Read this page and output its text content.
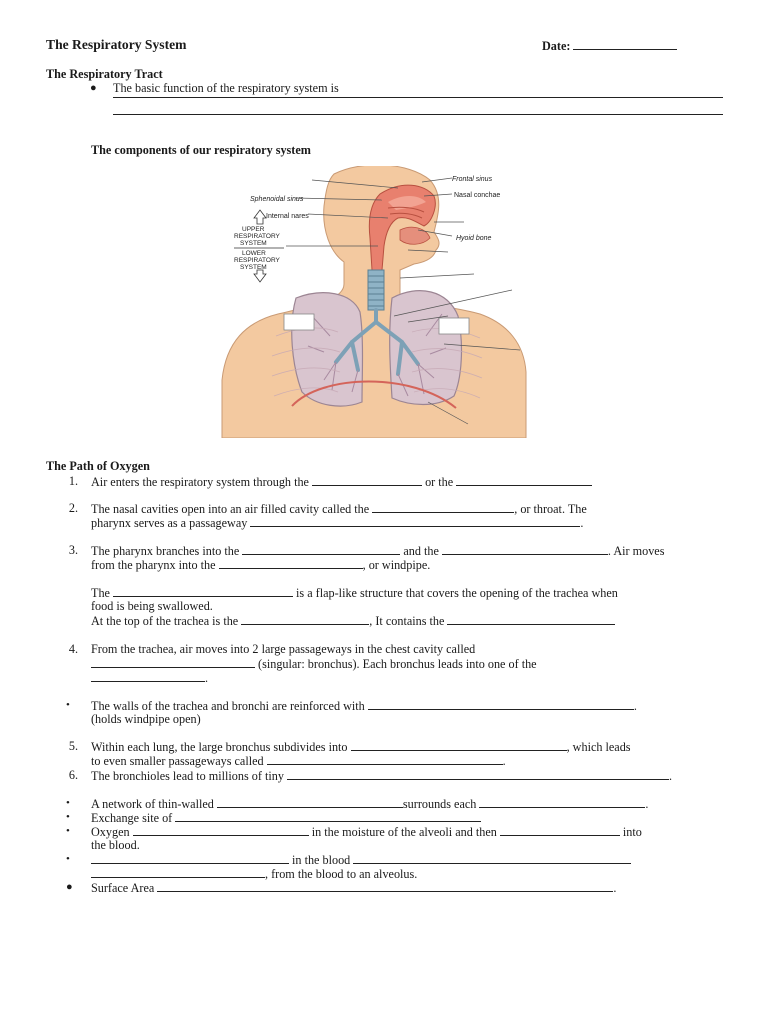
The Respiratory System	Date:
The Respiratory Tract
● The basic function of the respiratory system is
The components of our respiratory system
Frontal sinus
Nasal conchae
Sphenoidal sinus
Internal nares
Hyoid bone
UPPER
RESPIRATORY
SYSTEM
LOWER
RESPIRATORY
SYSTEM
The Path of Oxygen
1. Air enters the respiratory system through the	or the
2. The nasal cavities open into an air filled cavity called the	, or throat. The
pharynx serves as a passageway	.
3. The pharynx branches into the	and the	. Air moves
from the pharynx into the	, or windpipe.
The	is a flap-like structure that covers the opening of the trachea when
food is being swallowed.
At the top of the trachea is the	, It contains the
4. From the trachea, air moves into 2 large passageways in the chest cavity called
(singular: bronchus). Each bronchus leads into one of the
.
• The walls of the trachea and bronchi are reinforced with	.
(holds windpipe open)
5. Within each lung, the large bronchus subdivides into	, which leads
to even smaller passageways called	.
6. The bronchioles lead to millions of tiny	.
• A network of thin-walled	surrounds each	.
• Exchange site of
• Oxygen	in the moisture of the alveoli and then	into
the blood.
•	in the blood
, from the blood to an alveolus.
● Surface Area	.
